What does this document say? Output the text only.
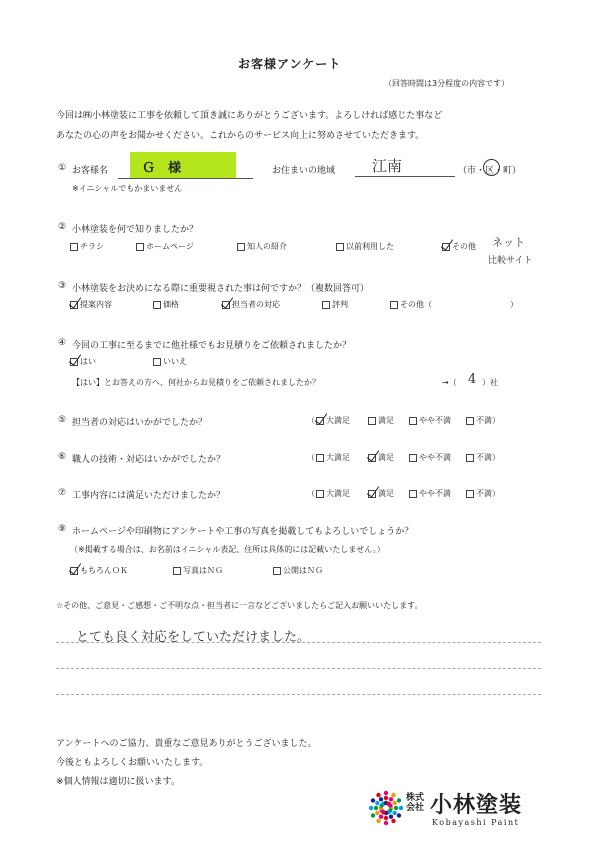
お客様アンケート
（回答時間は3分程度の内容です）
今回は㈱小林塗装に工事を依頼して頂き誠にありがとうございます。よろしければ感じた事など
あなたの心の声をお聞かせください。これからのサービス向上に努めさせていただきます。
① お客様名	Ｇ　様
※イニシャルでもかまいません
お住まいの地域 江南	（市・区・町）
② 小林塗装を何で知りましたか？
チラシ	ホームページ	知人の紹介	以前利用した	その他 ネット
比較サイト
③ 小林塗装をお決めになる際に重要視された事は何ですか？（複数回答可）
提案内容	価格	担当者の対応	評判	その他（	）
④ 今回の工事に至るまでに他社様でもお見積りをご依頼されましたか？
はい	いいえ
【はい】とお答えの方へ、何社からお見積りをご依頼されましたか？	→（ 4 ）社
⑤ 担当者の対応はいかがでしたか？	（ 大満足	満足	やや不満	不満）
⑥ 職人の技術・対応はいかがでしたか？	（ 大満足	満足	やや不満	不満）
⑦ 工事内容には満足いただけましたか？	（ 大満足	満足	やや不満	不満）
⑨ ホームページや印刷物にアンケートや工事の写真を掲載してもよろしいでしょうか？
（※掲載する場合は、お名前はイニシャル表記、住所は具体的には記載いたしません。）
もちろんＯＫ	写真はＮＧ	公開はＮＧ
☆その他、ご意見・ご感想・ご不明な点・担当者に一言などございましたらご記入お願いいたします。
とても良く対応をしていただけました。
アンケートへのご協力、貴重なご意見ありがとうございました。
今後ともよろしくお願いいたします。
※個人情報は適切に扱います。
株式
会社 小林塗装
Kobayashi Paint
